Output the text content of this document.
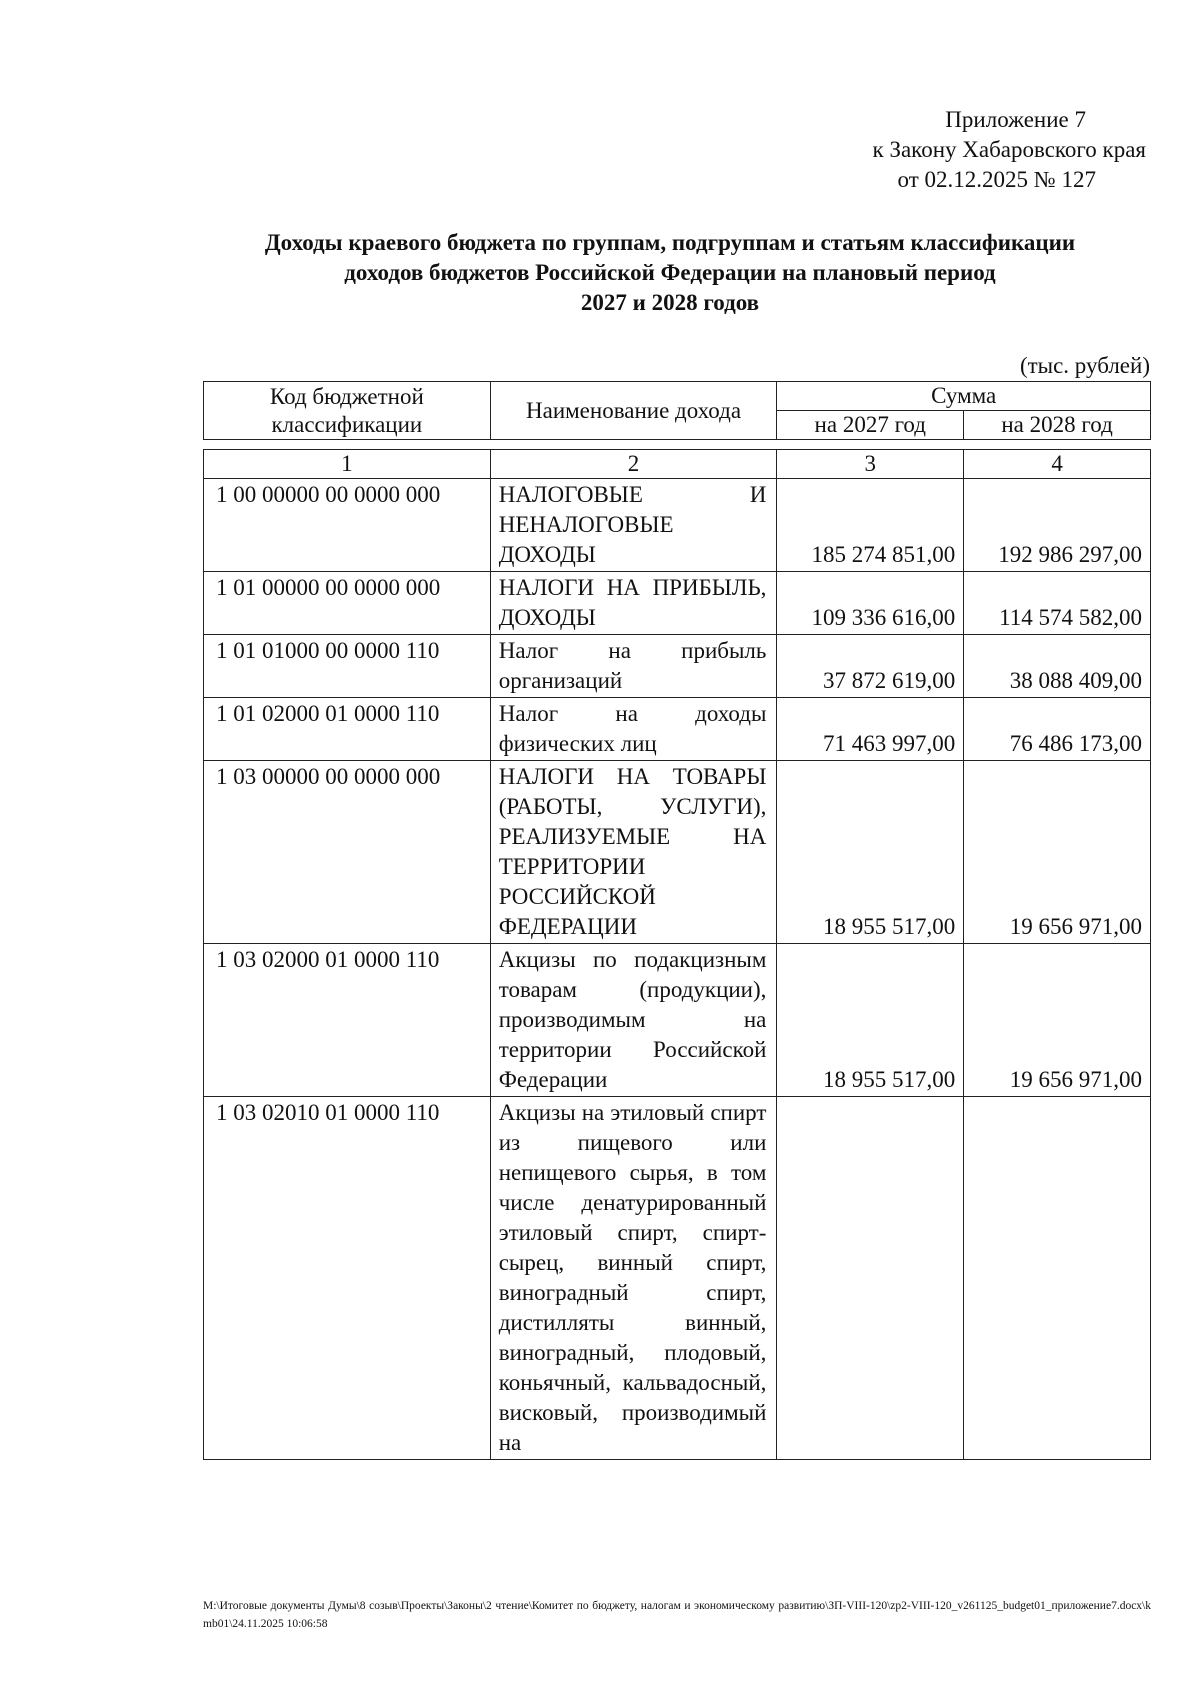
Приложение 7
к Закону Хабаровского края
от 02.12.2025 № 127
Доходы краевого бюджета по группам, подгруппам и статьям классификации
доходов бюджетов Российской Федерации на плановый период
2027 и 2028 годов
(тыс. рублей)
Код бюджетной классификации	Наименование дохода	Сумма	
		на 2027 год	на 2028 год
1	2	3	4
1 00 00000 00 0000 000	НАЛОГОВЫЕ И НЕНАЛОГОВЫЕ ДОХОДЫ	185 274 851,00	192 986 297,00
1 01 00000 00 0000 000	НАЛОГИ НА ПРИБЫЛЬ, ДОХОДЫ	109 336 616,00	114 574 582,00
1 01 01000 00 0000 110	Налог на прибыль организаций	37 872 619,00	38 088 409,00
1 01 02000 01 0000 110	Налог на доходы физических лиц	71 463 997,00	76 486 173,00
1 03 00000 00 0000 000	НАЛОГИ НА ТОВАРЫ (РАБОТЫ, УСЛУГИ), РЕАЛИЗУЕМЫЕ НА ТЕРРИТОРИИ РОССИЙСКОЙ ФЕДЕРАЦИИ	18 955 517,00	19 656 971,00
1 03 02000 01 0000 110	Акцизы по подакцизным товарам (продукции), производимым на территории Российской Федерации	18 955 517,00	19 656 971,00
1 03 02010 01 0000 110	Акцизы на этиловый спирт из пищевого или непищевого сырья, в том числе денатурированный этиловый спирт, спирт-сырец, винный спирт, виноградный спирт, дистилляты винный, виноградный, плодовый, коньячный, кальвадосный, висковый, производимый на		
M:\Итоговые документы Думы\8 созыв\Проекты\Законы\2 чтение\Комитет по бюджету, налогам и экономическому развитию\ЗП-VIII-120\zp2-VIII-120_v261125_budget01_приложение7.docx\kmb01\24.11.2025 10:06:58
